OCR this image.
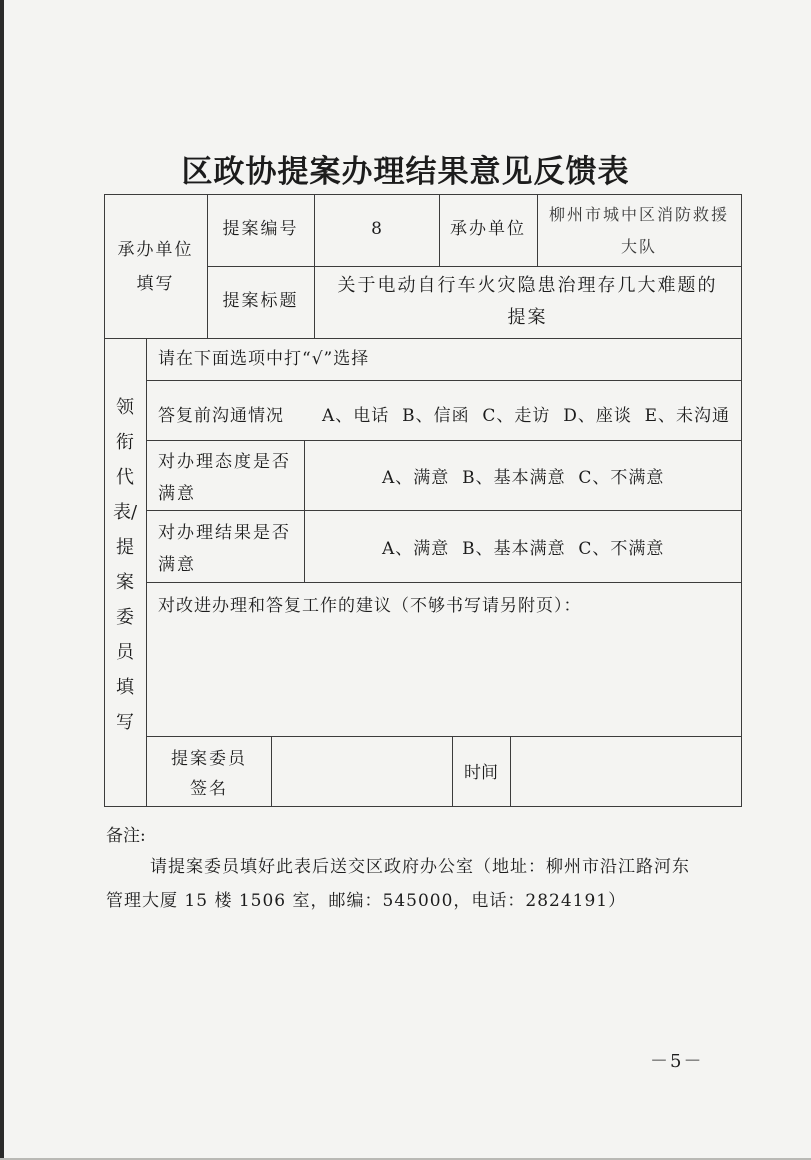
区政协提案办理结果意见反馈表
承办单位
填写
提案编号	8	承办单位
柳州市城中区消防救援
大队
提案标题
关于电动自行车火灾隐患治理存几大难题的
提案
领
衔
代
表/
提
案
委
员
填
写
请在下面选项中打“√”选择
答复前沟通情况 A、电话  B、信函  C、走访  D、座谈  E、未沟通
对办理态度是否
满意
A、满意  B、基本满意  C、不满意
对办理结果是否
满意
A、满意  B、基本满意  C、不满意
对改进办理和答复工作的建议（不够书写请另附页）：
提案委员
签名
时间
备注:
请提案委员填好此表后送交区政府办公室（地址：柳州市沿江路河东
管理大厦 15 楼 1506 室，邮编：545000，电话：2824191）
－5－
